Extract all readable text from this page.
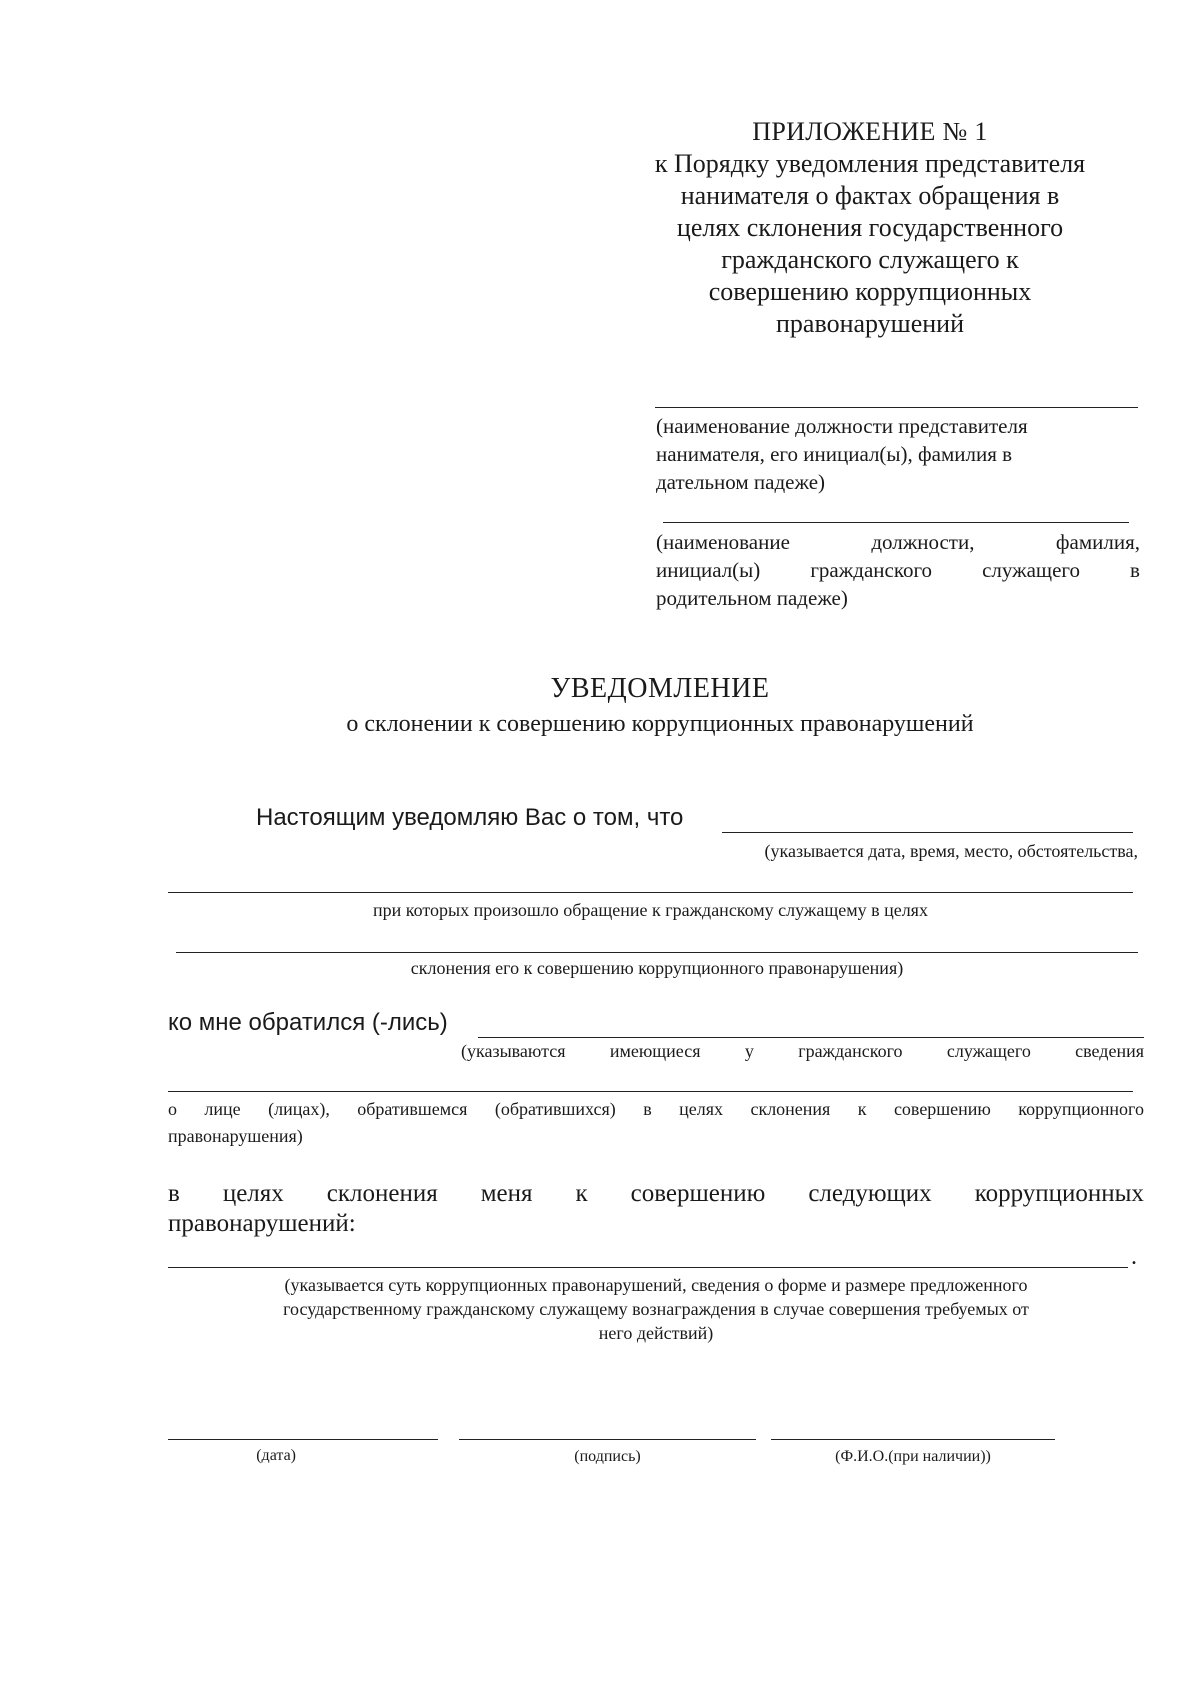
ПРИЛОЖЕНИЕ № 1
к Порядку уведомления представителя
нанимателя о фактах обращения в
целях склонения государственного
гражданского служащего к
совершению коррупционных
правонарушений
(наименование должности представителя
нанимателя, его инициал(ы), фамилия в
дательном падеже)
(наименование	должности,	фамилия,
инициал(ы) гражданского служащего в
родительном падеже)
УВЕДОМЛЕНИЕ
о склонении к совершению коррупционных правонарушений
Настоящим уведомляю Вас о том, что
(указывается дата, время, место, обстоятельства,
при которых произошло обращение к гражданскому служащему в целях
склонения его к совершению коррупционного правонарушения)
ко мне обратился (-лись)
(указываются имеющиеся у гражданского служащего сведения
о лице (лицах), обратившемся (обратившихся) в целях склонения к совершению коррупционного
правонарушения)
в целях склонения меня к совершению следующих коррупционных
правонарушений:
.
(указывается суть коррупционных правонарушений, сведения о форме и размере предложенного
государственному гражданскому служащему вознаграждения в случае совершения требуемых от
него действий)
(дата)	(подпись)	(Ф.И.О.(при наличии))
